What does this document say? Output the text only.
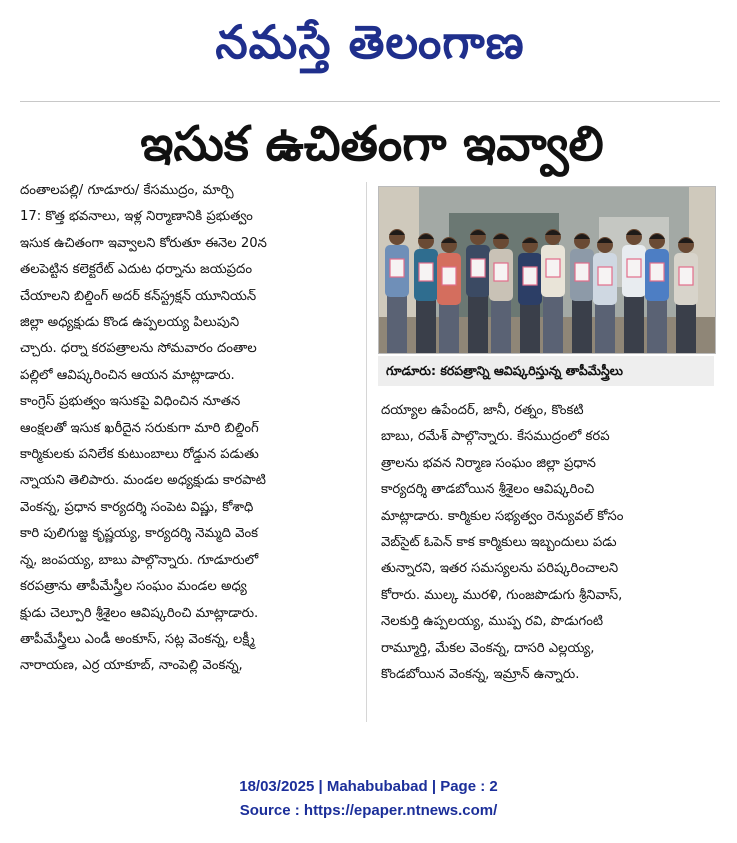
నమస్తే తెలంగాణ
ఇసుక ఉచితంగా ఇవ్వాలి

దంతాలపల్లి/ గూడూరు/ కేసముద్రం, మార్చి

17: కొత్త భవనాలు, ఇళ్ల నిర్మాణానికి ప్రభుత్వం

ఇసుక ఉచితంగా ఇవ్వాలని కోరుతూ ఈనెల 20న

తలపెట్టిన కలెక్టరేట్ ఎదుట ధర్నాను జయప్రదం

చేయాలని బిల్డింగ్ అదర్ కన్‌స్ట్రక్షన్ యూనియన్

జిల్లా అధ్యక్షుడు కొండ ఉప్పలయ్య పిలుపుని

చ్చారు. ధర్నా కరపత్రాలను సోమవారం దంతాల

పల్లిలో ఆవిష్కరించిన ఆయన మాట్లాడారు.

కాంగ్రెస్ ప్రభుత్వం ఇసుకపై విధించిన నూతన

ఆంక్షలతో ఇసుక ఖరీదైన సరుకుగా మారి బిల్డింగ్

కార్మికులకు పనిలేక కుటుంబాలు రోడ్డున పడుతు

న్నాయని తెలిపారు. మండల అధ్యక్షుడు కారపాటి

వెంకన్న, ప్రధాన కార్యదర్శి సంపెట విష్ణు, కోశాధి

కారి పులిగుజ్జ కృష్ణయ్య, కార్యదర్శి నెమ్మది వెంక

న్న, జంపయ్య, బాబు పాల్గొన్నారు. గూడూరులో

కరపత్రాను తాపీమేస్త్రీల సంఘం మండల అధ్య

క్షుడు చెల్పూరి శ్రీశైలం ఆవిష్కరించి మాట్లాడారు.

తాపీమేస్త్రీలు ఎండీ అంకూస్, సట్ల వెంకన్న, లక్ష్మీ

నారాయణ, ఎర్ర యాకూబ్, నాంపెల్లి వెంకన్న,

గూడూరు: కరపత్రాన్ని ఆవిష్కరిస్తున్న తాపీమేస్త్రీలు

దయ్యాల ఉపేందర్, జానీ, రత్నం, కొంకటి

బాబు, రమేశ్ పాల్గొన్నారు. కేసముద్రంలో కరప

త్రాలను భవన నిర్మాణ సంఘం జిల్లా ప్రధాన

కార్యదర్శి తాడబోయిన శ్రీశైలం ఆవిష్కరించి

మాట్లాడారు. కార్మికుల సభ్యత్వం రెన్యువల్ కోసం

వెబ్‌సైట్ ఓపెన్ కాక కార్మికులు ఇబ్బందులు పడు

తున్నారని, ఇతర సమస్యలను పరిష్కరించాలని

కోరారు. ముల్క మురళి, గుంజపొడుగు శ్రీనివాస్,

నెలకుర్తి ఉప్పలయ్య, ముప్ప రవి, పొడుగంటి

రామ్మూర్తి, మేకల వెంకన్న, దాసరి ఎల్లయ్య,

కొండబోయిన వెంకన్న, ఇమ్రాన్ ఉన్నారు.

18/03/2025 | Mahabubabad | Page : 2
Source : https://epaper.ntnews.com/
